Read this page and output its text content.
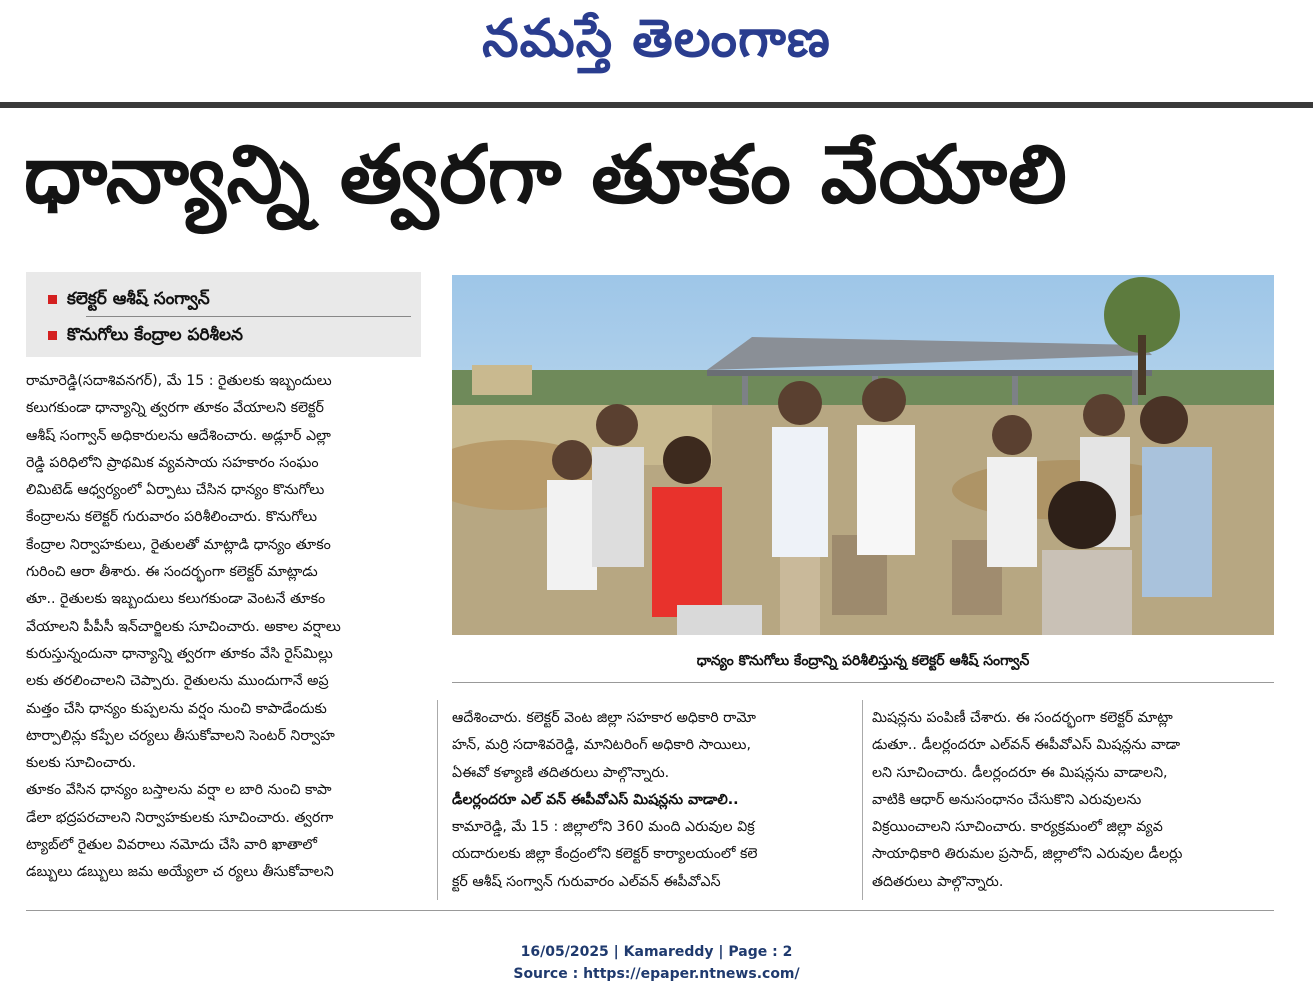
నమస్తే తెలంగాణ
ధాన్యాన్ని త్వరగా తూకం వేయాలి
కలెక్టర్ ఆశీష్ సంగ్వాన్
కొనుగోలు కేంద్రాల పరిశీలన
ధాన్యం కొనుగోలు కేంద్రాన్ని పరిశీలిస్తున్న కలెక్టర్ ఆశీష్ సంగ్వాన్
రామారెడ్డి(సదాశివనగర్), మే 15 : రైతులకు ఇబ్బందులు
కలుగకుండా ధాన్యాన్ని త్వరగా తూకం వేయాలని కలెక్టర్
ఆశీష్ సంగ్వాన్ అధికారులను ఆదేశించారు. అడ్లూర్ ఎల్లా
రెడ్డి పరిధిలోని ప్రాథమిక వ్యవసాయ సహకారం సంఘం
లిమిటెడ్ ఆధ్వర్యంలో ఏర్పాటు చేసిన ధాన్యం కొనుగోలు
కేంద్రాలను కలెక్టర్ గురువారం పరిశీలించారు. కొనుగోలు
కేంద్రాల నిర్వాహకులు, రైతులతో మాట్లాడి ధాన్యం తూకం
గురించి ఆరా తీశారు. ఈ సందర్భంగా కలెక్టర్ మాట్లాడు
తూ.. రైతులకు ఇబ్బందులు కలుగకుండా వెంటనే తూకం
వేయాలని పీపీసీ ఇన్‌చార్జిలకు సూచించారు. అకాల వర్షాలు
కురుస్తున్నందునా ధాన్యాన్ని త్వరగా తూకం వేసి రైస్‌మిల్లు
లకు తరలించాలని చెప్పారు. రైతులను ముందుగానే అప్ర
మత్తం చేసి ధాన్యం కుప్పలను వర్షం నుంచి కాపాడేందుకు
టార్పాలిన్లు కప్పేల చర్యలు తీసుకోవాలని సెంటర్ నిర్వాహ
కులకు సూచించారు.
తూకం వేసిన ధాన్యం బస్తాలను వర్షా ల బారి నుంచి కాపా
డేలా భద్రపరచాలని నిర్వాహకులకు సూచించారు. త్వరగా
ట్యాబ్‌లో రైతుల వివరాలు నమోదు చేసి వారి ఖాతాలో
డబ్బులు డబ్బులు జమ అయ్యేలా చ ర్యలు తీసుకోవాలని
ఆదేశించారు. కలెక్టర్ వెంట జిల్లా సహకార అధికారి రామో
హన్, మర్రి సదాశివరెడ్డి, మానిటరింగ్ అధికారి సాయిలు,
ఏఈవో కళ్యాణి తదితరులు పాల్గొన్నారు.
డీలర్లందరూ ఎల్ వన్ ఈపీవోఎస్ మిషన్లను వాడాలి..
కామారెడ్డి, మే 15 : జిల్లాలోని 360 మంది ఎరువుల విక్ర
యదారులకు జిల్లా కేంద్రంలోని కలెక్టర్ కార్యాలయంలో కలె
క్టర్ ఆశీష్ సంగ్వాన్ గురువారం ఎల్‌వన్ ఈపీవోఎస్
మిషన్లను పంపిణీ చేశారు. ఈ సందర్భంగా కలెక్టర్ మాట్లా
డుతూ.. డీలర్లందరూ ఎల్‌వన్ ఈపీవోఎస్ మిషన్లను వాడా
లని సూచించారు. డీలర్లందరూ ఈ మిషన్లను వాడాలని,
వాటికి ఆధార్ అనుసంధానం చేసుకొని ఎరువులను
విక్రయించాలని సూచించారు. కార్యక్రమంలో జిల్లా వ్యవ
సాయాధికారి తిరుమల ప్రసాద్, జిల్లాలోని ఎరువుల డీలర్లు
తదితరులు పాల్గొన్నారు.
16/05/2025 | Kamareddy | Page : 2
Source : https://epaper.ntnews.com/
